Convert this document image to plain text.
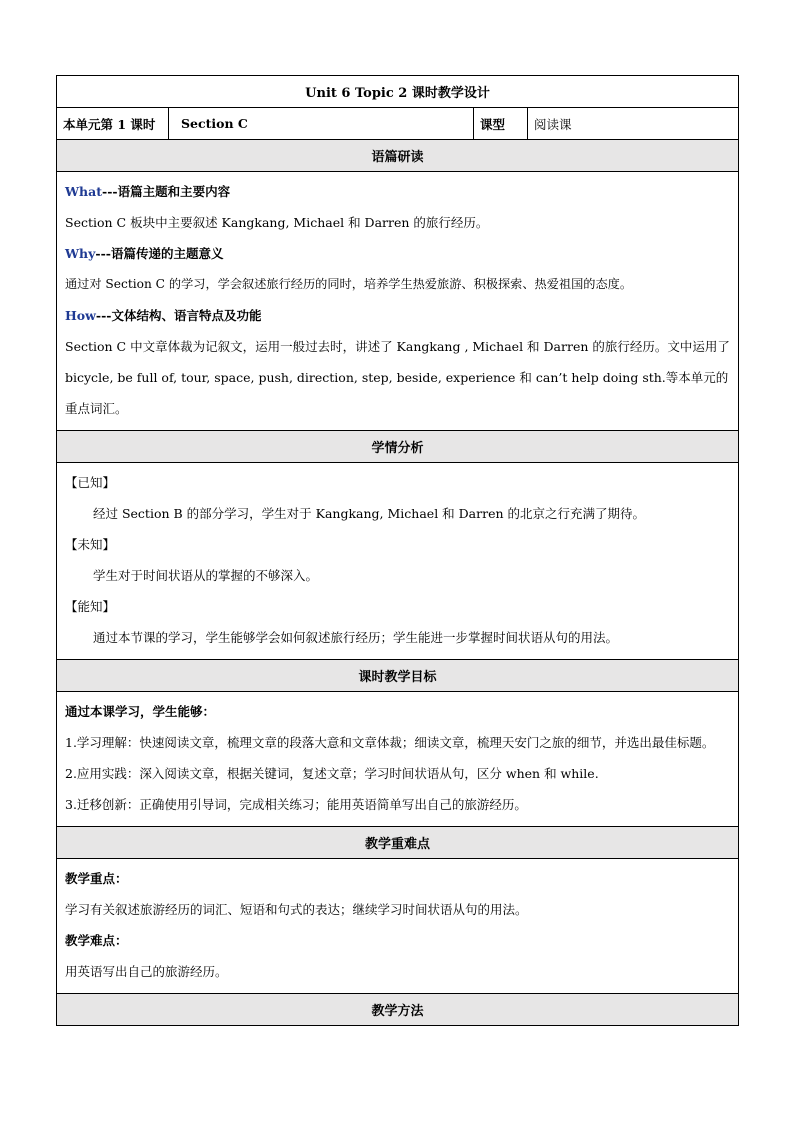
Unit 6 Topic 2 课时教学设计
本单元第 1 课时	Section C	课型	阅读课
语篇研读

What---语篇主题和主要内容
Section C 板块中主要叙述 Kangkang, Michael 和 Darren 的旅行经历。
Why---语篇传递的主题意义
通过对 Section C 的学习，学会叙述旅行经历的同时，培养学生热爱旅游、积极探索、热爱祖国的态度。
How---文体结构、语言特点及功能
Section C 中文章体裁为记叙文，运用一般过去时，讲述了 Kangkang , Michael 和 Darren 的旅行经历。文中运用了 bicycle, be full of, tour, space, push, direction, step, beside, experience 和 can’t help doing sth.等本单元的重点词汇。

学情分析

【已知】
经过 Section B 的部分学习，学生对于 Kangkang, Michael 和 Darren 的北京之行充满了期待。
【未知】
学生对于时间状语从的掌握的不够深入。
【能知】
通过本节课的学习，学生能够学会如何叙述旅行经历；学生能进一步掌握时间状语从句的用法。

课时教学目标

通过本课学习，学生能够：
1.学习理解：快速阅读文章，梳理文章的段落大意和文章体裁；细读文章，梳理天安门之旅的细节，并选出最佳标题。
2.应用实践：深入阅读文章，根据关键词，复述文章；学习时间状语从句，区分 when 和 while.
3.迁移创新：正确使用引导词，完成相关练习；能用英语简单写出自己的旅游经历。

教学重难点

教学重点：
学习有关叙述旅游经历的词汇、短语和句式的表达；继续学习时间状语从句的用法。
教学难点：
用英语写出自己的旅游经历。

教学方法
